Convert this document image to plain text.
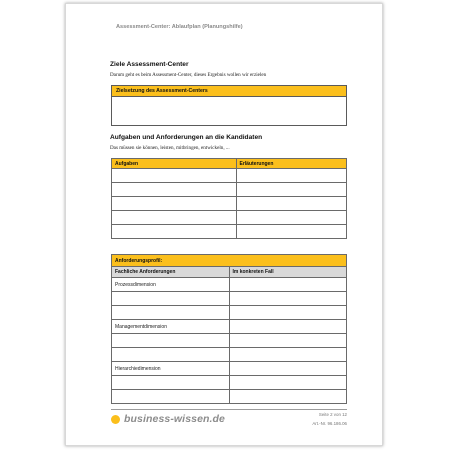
Assessment-Center: Ablaufplan (Planungshilfe)
Ziele Assessment-Center
Darum geht es beim Assessment-Center, dieses Ergebnis wollen wir erzielen
Zielsetzung des Assessment-Centers
Aufgaben und Anforderungen an die Kandidaten
Das müssen sie können, leisten, mitbringen, entwickeln, ...
Aufgaben	Erläuterungen

Anforderungsprofil:	
Fachliche Anforderungen	Im konkreten Fall
Prozessdimension	

Managementdimension	

Hierarchiedimension	

business-wissen.de	Seite 2 von 12
Art.-Nr. 96.186.06
